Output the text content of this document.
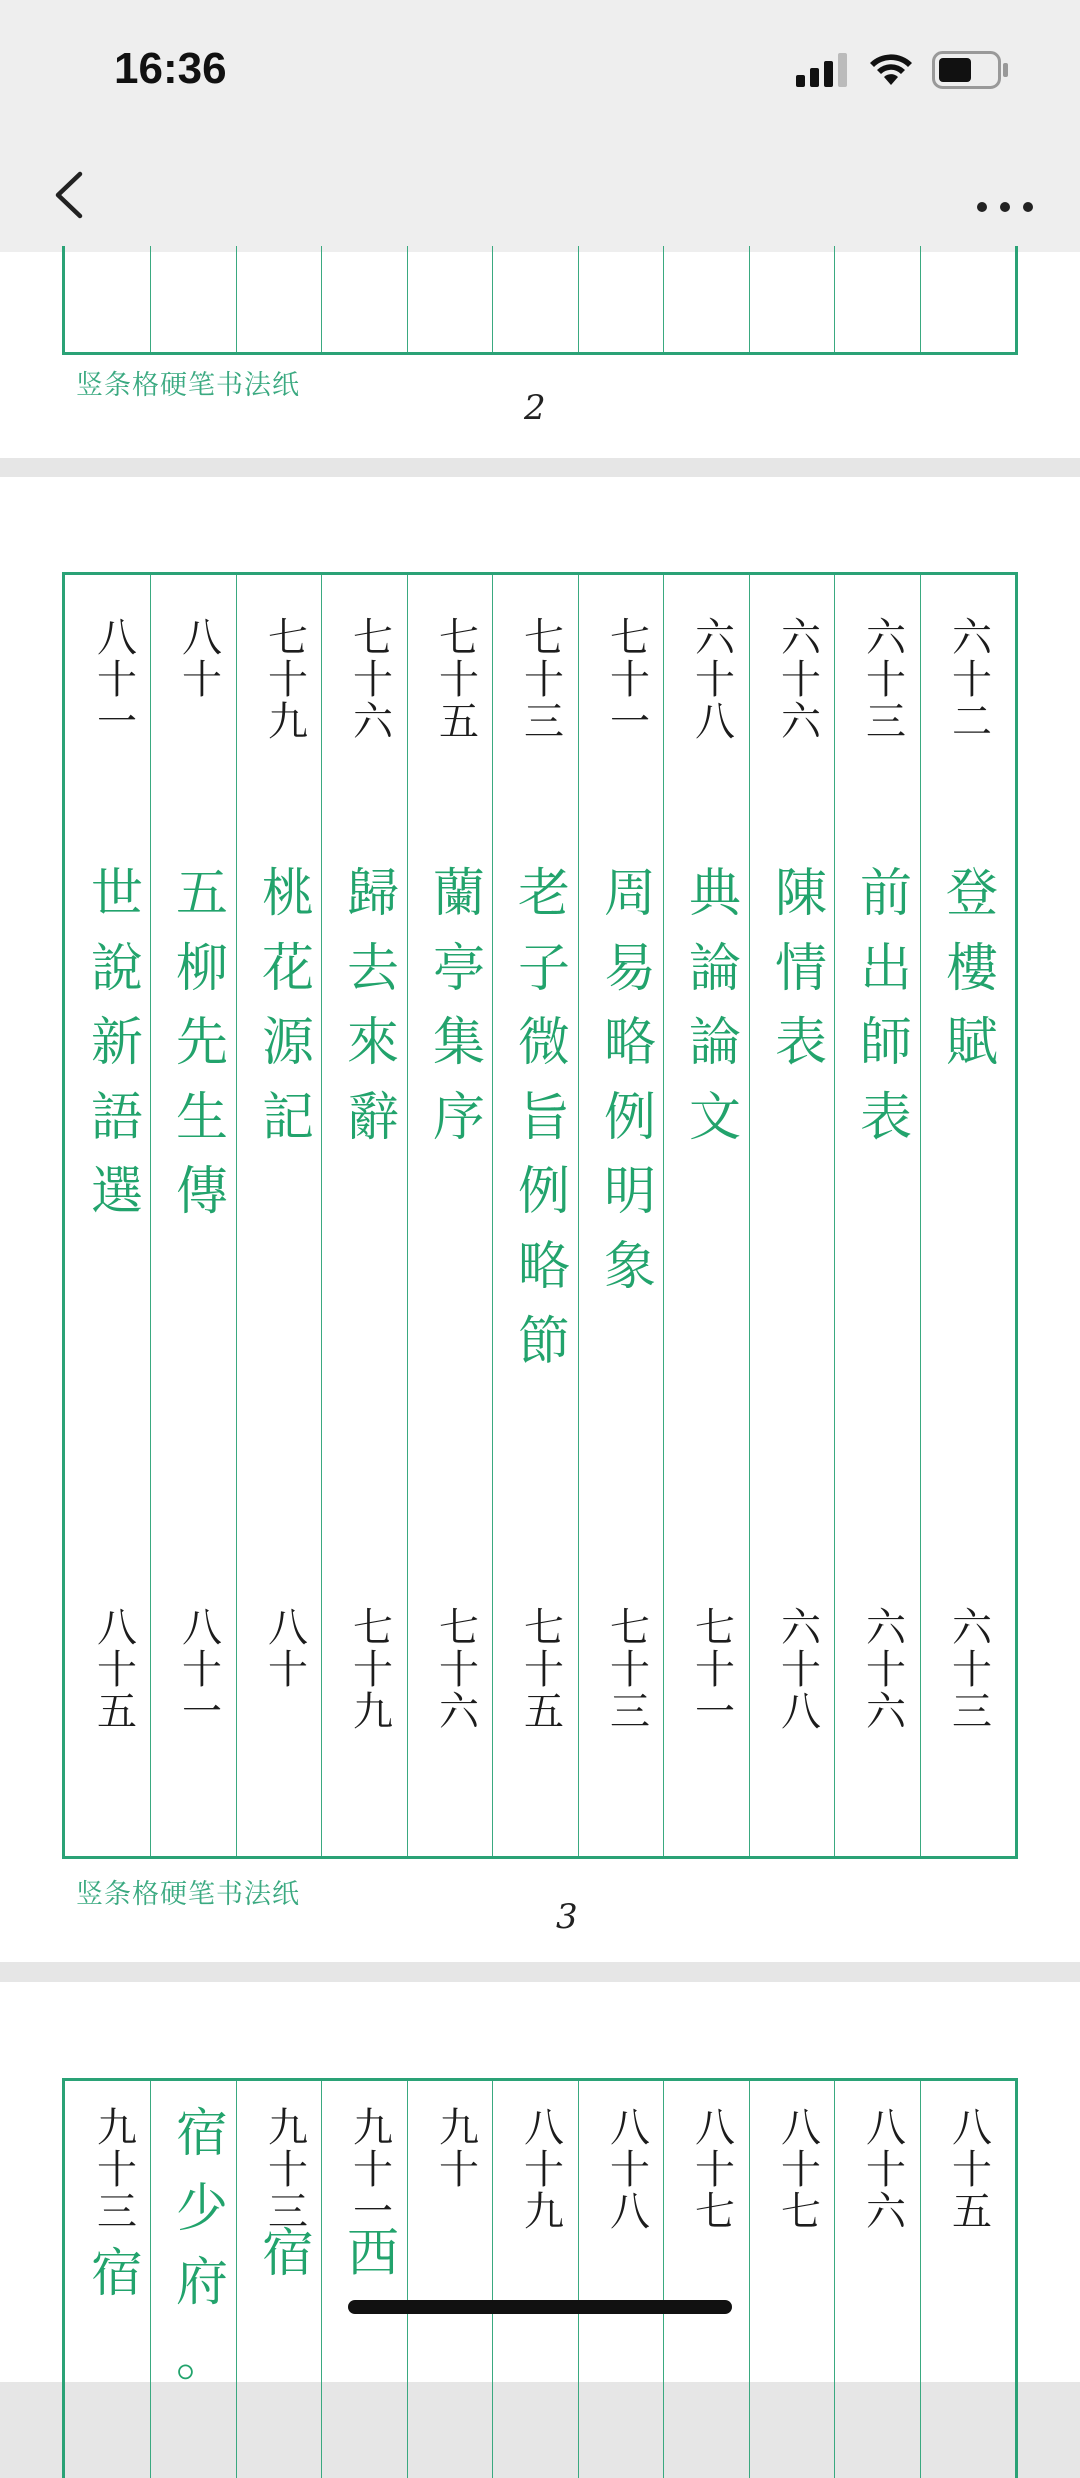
16:36
竖条格硬笔书法纸
2
六
十
二
登
樓
賦
六
十
三
六
十
三
前
出
師
表
六
十
六
六
十
六
陳
情
表
六
十
八
六
十
八
典
論
論
文
七
十
一
七
十
一
周
易
略
例
明
象
七
十
三
七
十
三
老
子
微
旨
例
略
節
七
十
五
七
十
五
蘭
亭
集
序
七
十
六
七
十
六
歸
去
來
辭
七
十
九
七
十
九
桃
花
源
記
八
十
八
十
五
柳
先
生
傳
八
十
一
八
十
一
世
說
新
語
選
八
十
五
竖条格硬笔书法纸
3
八
十
五
八
十
六
八
十
七
八
十
七
八
十
八
八
十
九
九
十
九
十
一
西
九
十
三
宿
宿
少
府
。
九
十
三
宿
